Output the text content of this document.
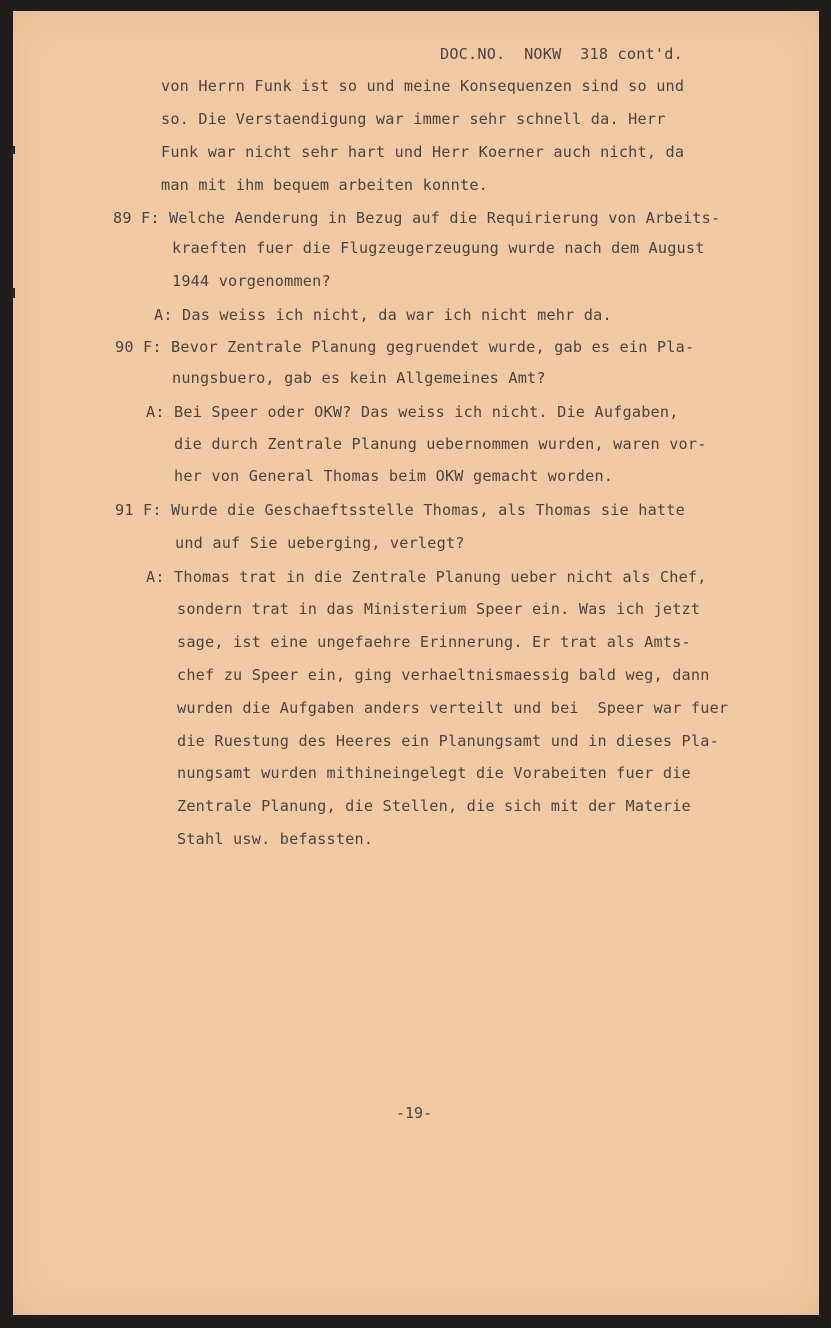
DOC.NO.  NOKW  318 cont'd.
von Herrn Funk ist so und meine Konsequenzen sind so und
so. Die Verstaendigung war immer sehr schnell da. Herr
Funk war nicht sehr hart und Herr Koerner auch nicht, da
man mit ihm bequem arbeiten konnte.
89 F: Welche Aenderung in Bezug auf die Requirierung von Arbeits-
kraeften fuer die Flugzeugerzeugung wurde nach dem August
1944 vorgenommen?
A: Das weiss ich nicht, da war ich nicht mehr da.
90 F: Bevor Zentrale Planung gegruendet wurde, gab es ein Pla-
nungsbuero, gab es kein Allgemeines Amt?
A: Bei Speer oder OKW? Das weiss ich nicht. Die Aufgaben,
die durch Zentrale Planung uebernommen wurden, waren vor-
her von General Thomas beim OKW gemacht worden.
91 F: Wurde die Geschaeftsstelle Thomas, als Thomas sie hatte
und auf Sie ueberging, verlegt?
A: Thomas trat in die Zentrale Planung ueber nicht als Chef,
sondern trat in das Ministerium Speer ein. Was ich jetzt
sage, ist eine ungefaehre Erinnerung. Er trat als Amts-
chef zu Speer ein, ging verhaeltnismaessig bald weg, dann
wurden die Aufgaben anders verteilt und bei  Speer war fuer
die Ruestung des Heeres ein Planungsamt und in dieses Pla-
nungsamt wurden mithineingelegt die Vorabeiten fuer die
Zentrale Planung, die Stellen, die sich mit der Materie
Stahl usw. befassten.
-19-
